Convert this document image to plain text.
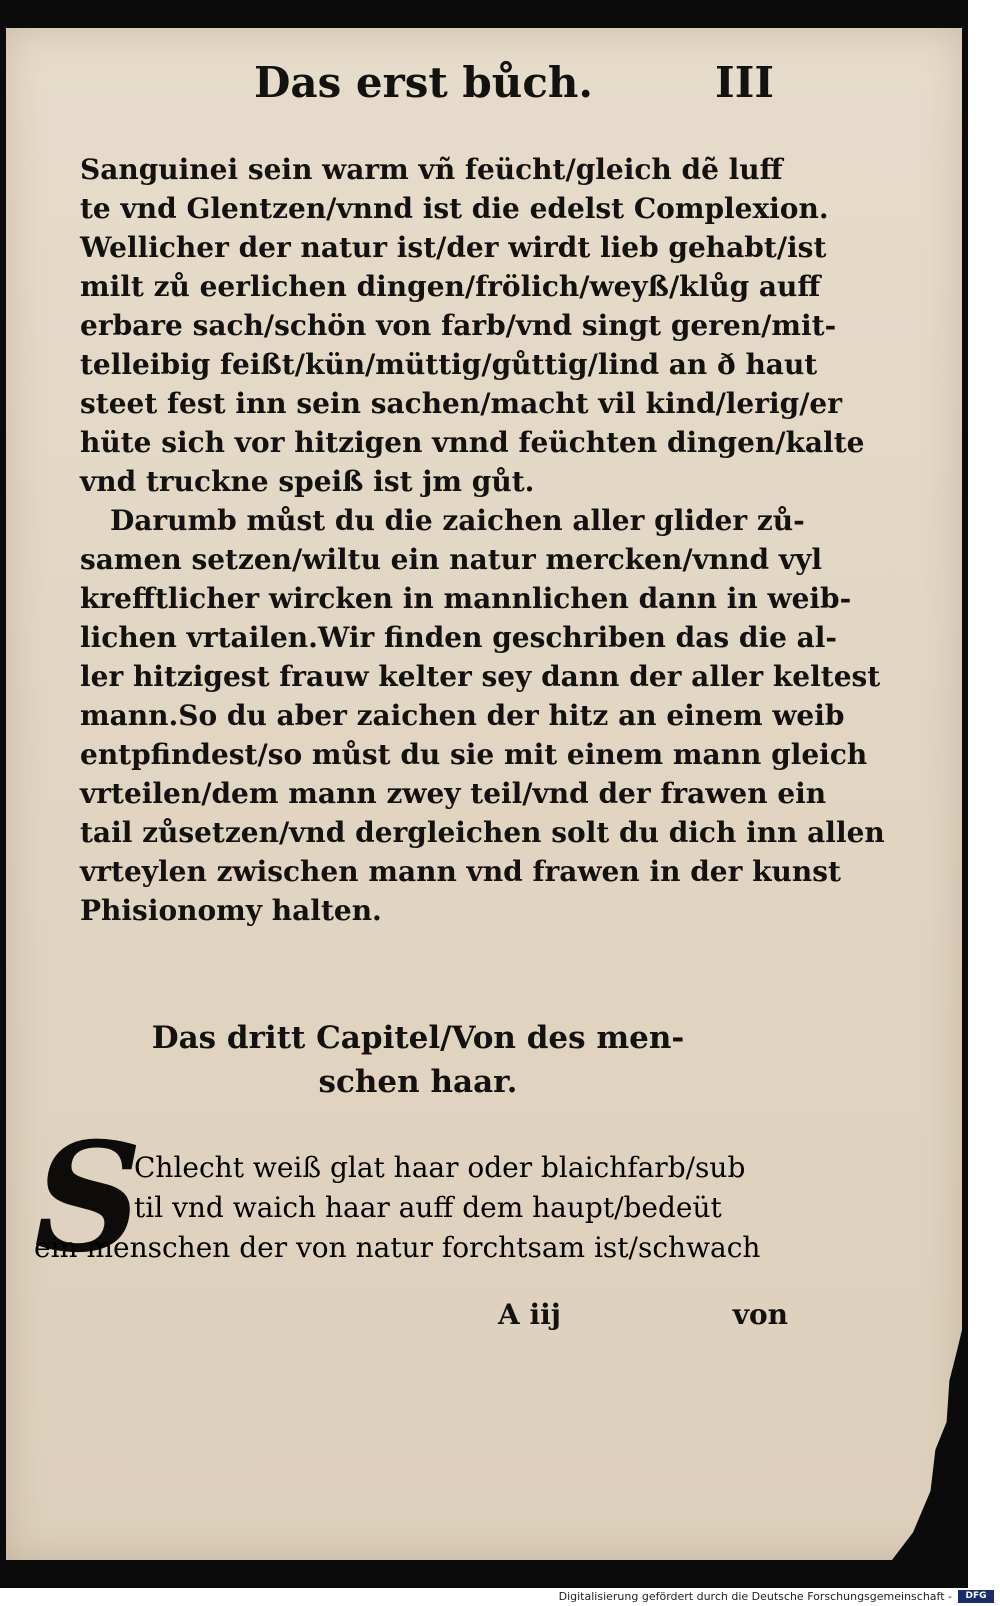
Das erst bůch.	III
Sanguinei sein warm vñ feücht/gleich dẽ luff
te vnd Glentzen/vnnd ist die edelst Complexion.
Wellicher der natur ist/der wirdt lieb gehabt/ist
milt zů eerlichen dingen/frölich/weyß/klůg auff
erbare sach/schön von farb/vnd singt geren/mit-
telleibig feißt/kün/müttig/gůttig/lind an ð haut
steet fest inn sein sachen/macht vil kind/lerig/er
hüte sich vor hitzigen vnnd feüchten dingen/kalte
vnd truckne speiß ist jm gůt.
Darumb můst du die zaichen aller glider zů-
samen setzen/wiltu ein natur mercken/vnnd vyl
krefftlicher wircken in mannlichen dann in weib-
lichen vrtailen.Wir finden geschriben das die al-
ler hitzigest frauw kelter sey dann der aller keltest
mann.So du aber zaichen der hitz an einem weib
entpfindest/so můst du sie mit einem mann gleich
vrteilen/dem mann zwey teil/vnd der frawen ein
tail zůsetzen/vnd dergleichen solt du dich inn allen
vrteylen zwischen mann vnd frawen in der kunst
Phisionomy halten.
Das dritt Capitel/Von des men-
schen haar.
S
Chlecht weiß glat haar oder blaichfarb/sub
til vnd waich haar auff dem haupt/bedeüt
ein menschen der von natur forchtsam ist/schwach
A iij	von
Digitalisierung gefördert durch die Deutsche Forschungsgemeinschaft -	DFG
